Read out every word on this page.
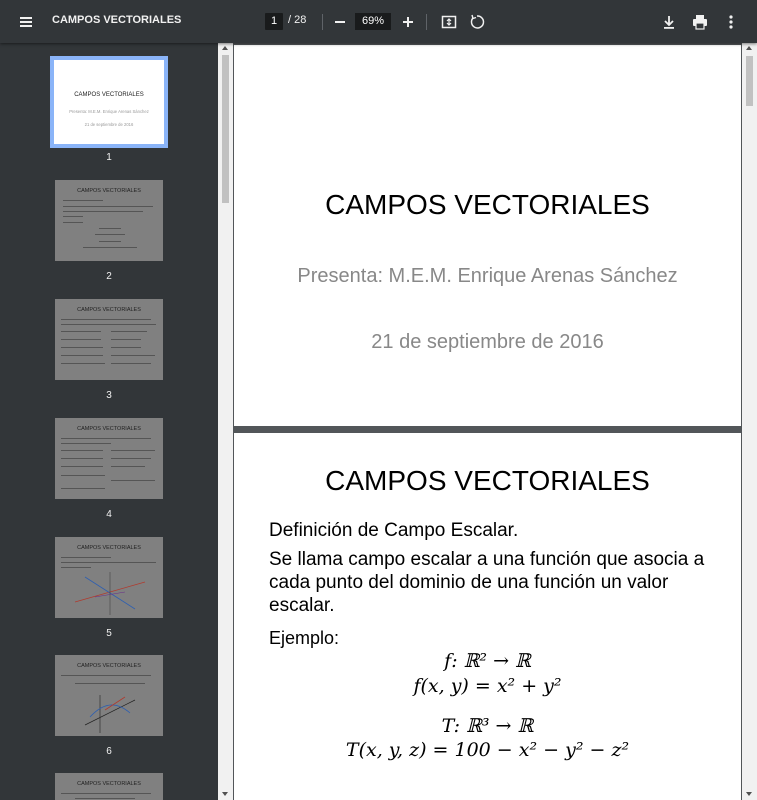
CAMPOS VECTORIALES	1 / 28	69%
CAMPOS VECTORIALES
Presenta: M.E.M. Enrique Arenas Sánchez
21 de septiembre de 2016
1
CAMPOS VECTORIALES
2
CAMPOS VECTORIALES
3
CAMPOS VECTORIALES
4
CAMPOS VECTORIALES
5
CAMPOS VECTORIALES
6
CAMPOS VECTORIALES
CAMPOS VECTORIALES
Presenta: M.E.M. Enrique Arenas Sánchez
21 de septiembre de 2016
CAMPOS VECTORIALES
Definición de Campo Escalar.
Se llama campo escalar a una función que asocia a cada punto del dominio de una función un valor escalar.
Ejemplo:
f: ℝ² → ℝ
f(x, y) = x² + y²
T: ℝ³ → ℝ
T(x, y, z) = 100 − x² − y² − z²
